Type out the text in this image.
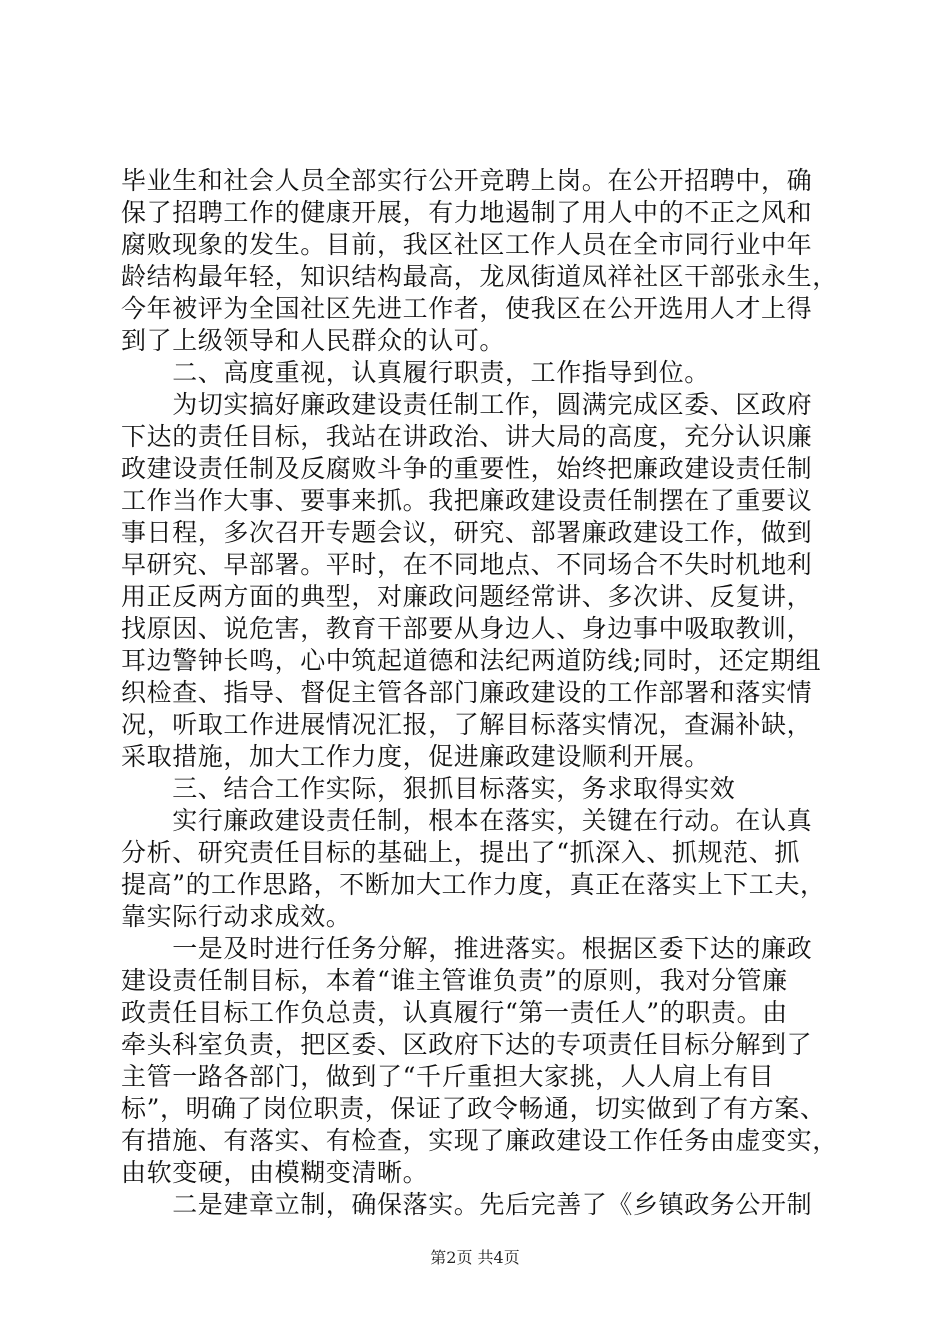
毕业生和社会人员全部实行公开竞聘上岗。在公开招聘中，确
保了招聘工作的健康开展，有力地遏制了用人中的不正之风和
腐败现象的发生。目前，我区社区工作人员在全市同行业中年
龄结构最年轻，知识结构最高，龙凤街道凤祥社区干部张永生，
今年被评为全国社区先进工作者，使我区在公开选用人才上得
到了上级领导和人民群众的认可。
　　二、高度重视，认真履行职责，工作指导到位。
　　为切实搞好廉政建设责任制工作，圆满完成区委、区政府
下达的责任目标，我站在讲政治、讲大局的高度，充分认识廉
政建设责任制及反腐败斗争的重要性，始终把廉政建设责任制
工作当作大事、要事来抓。我把廉政建设责任制摆在了重要议
事日程，多次召开专题会议，研究、部署廉政建设工作，做到
早研究、早部署。平时，在不同地点、不同场合不失时机地利
用正反两方面的典型，对廉政问题经常讲、多次讲、反复讲，
找原因、说危害，教育干部要从身边人、身边事中吸取教训，
耳边警钟长鸣，心中筑起道德和法纪两道防线;同时，还定期组
织检查、指导、督促主管各部门廉政建设的工作部署和落实情
况，听取工作进展情况汇报，了解目标落实情况，查漏补缺，
采取措施，加大工作力度，促进廉政建设顺利开展。
　　三、结合工作实际，狠抓目标落实，务求取得实效
　　实行廉政建设责任制，根本在落实，关键在行动。在认真
分析、研究责任目标的基础上，提出了“抓深入、抓规范、抓
提高”的工作思路，不断加大工作力度，真正在落实上下工夫，
靠实际行动求成效。
　　一是及时进行任务分解，推进落实。根据区委下达的廉政
建设责任制目标，本着“谁主管谁负责”的原则，我对分管廉
政责任目标工作负总责，认真履行“第一责任人”的职责。由
牵头科室负责，把区委、区政府下达的专项责任目标分解到了
主管一路各部门，做到了“千斤重担大家挑，人人肩上有目
标”，明确了岗位职责，保证了政令畅通，切实做到了有方案、
有措施、有落实、有检查，实现了廉政建设工作任务由虚变实，
由软变硬，由模糊变清晰。
　　二是建章立制，确保落实。先后完善了《乡镇政务公开制
第2页 共4页
